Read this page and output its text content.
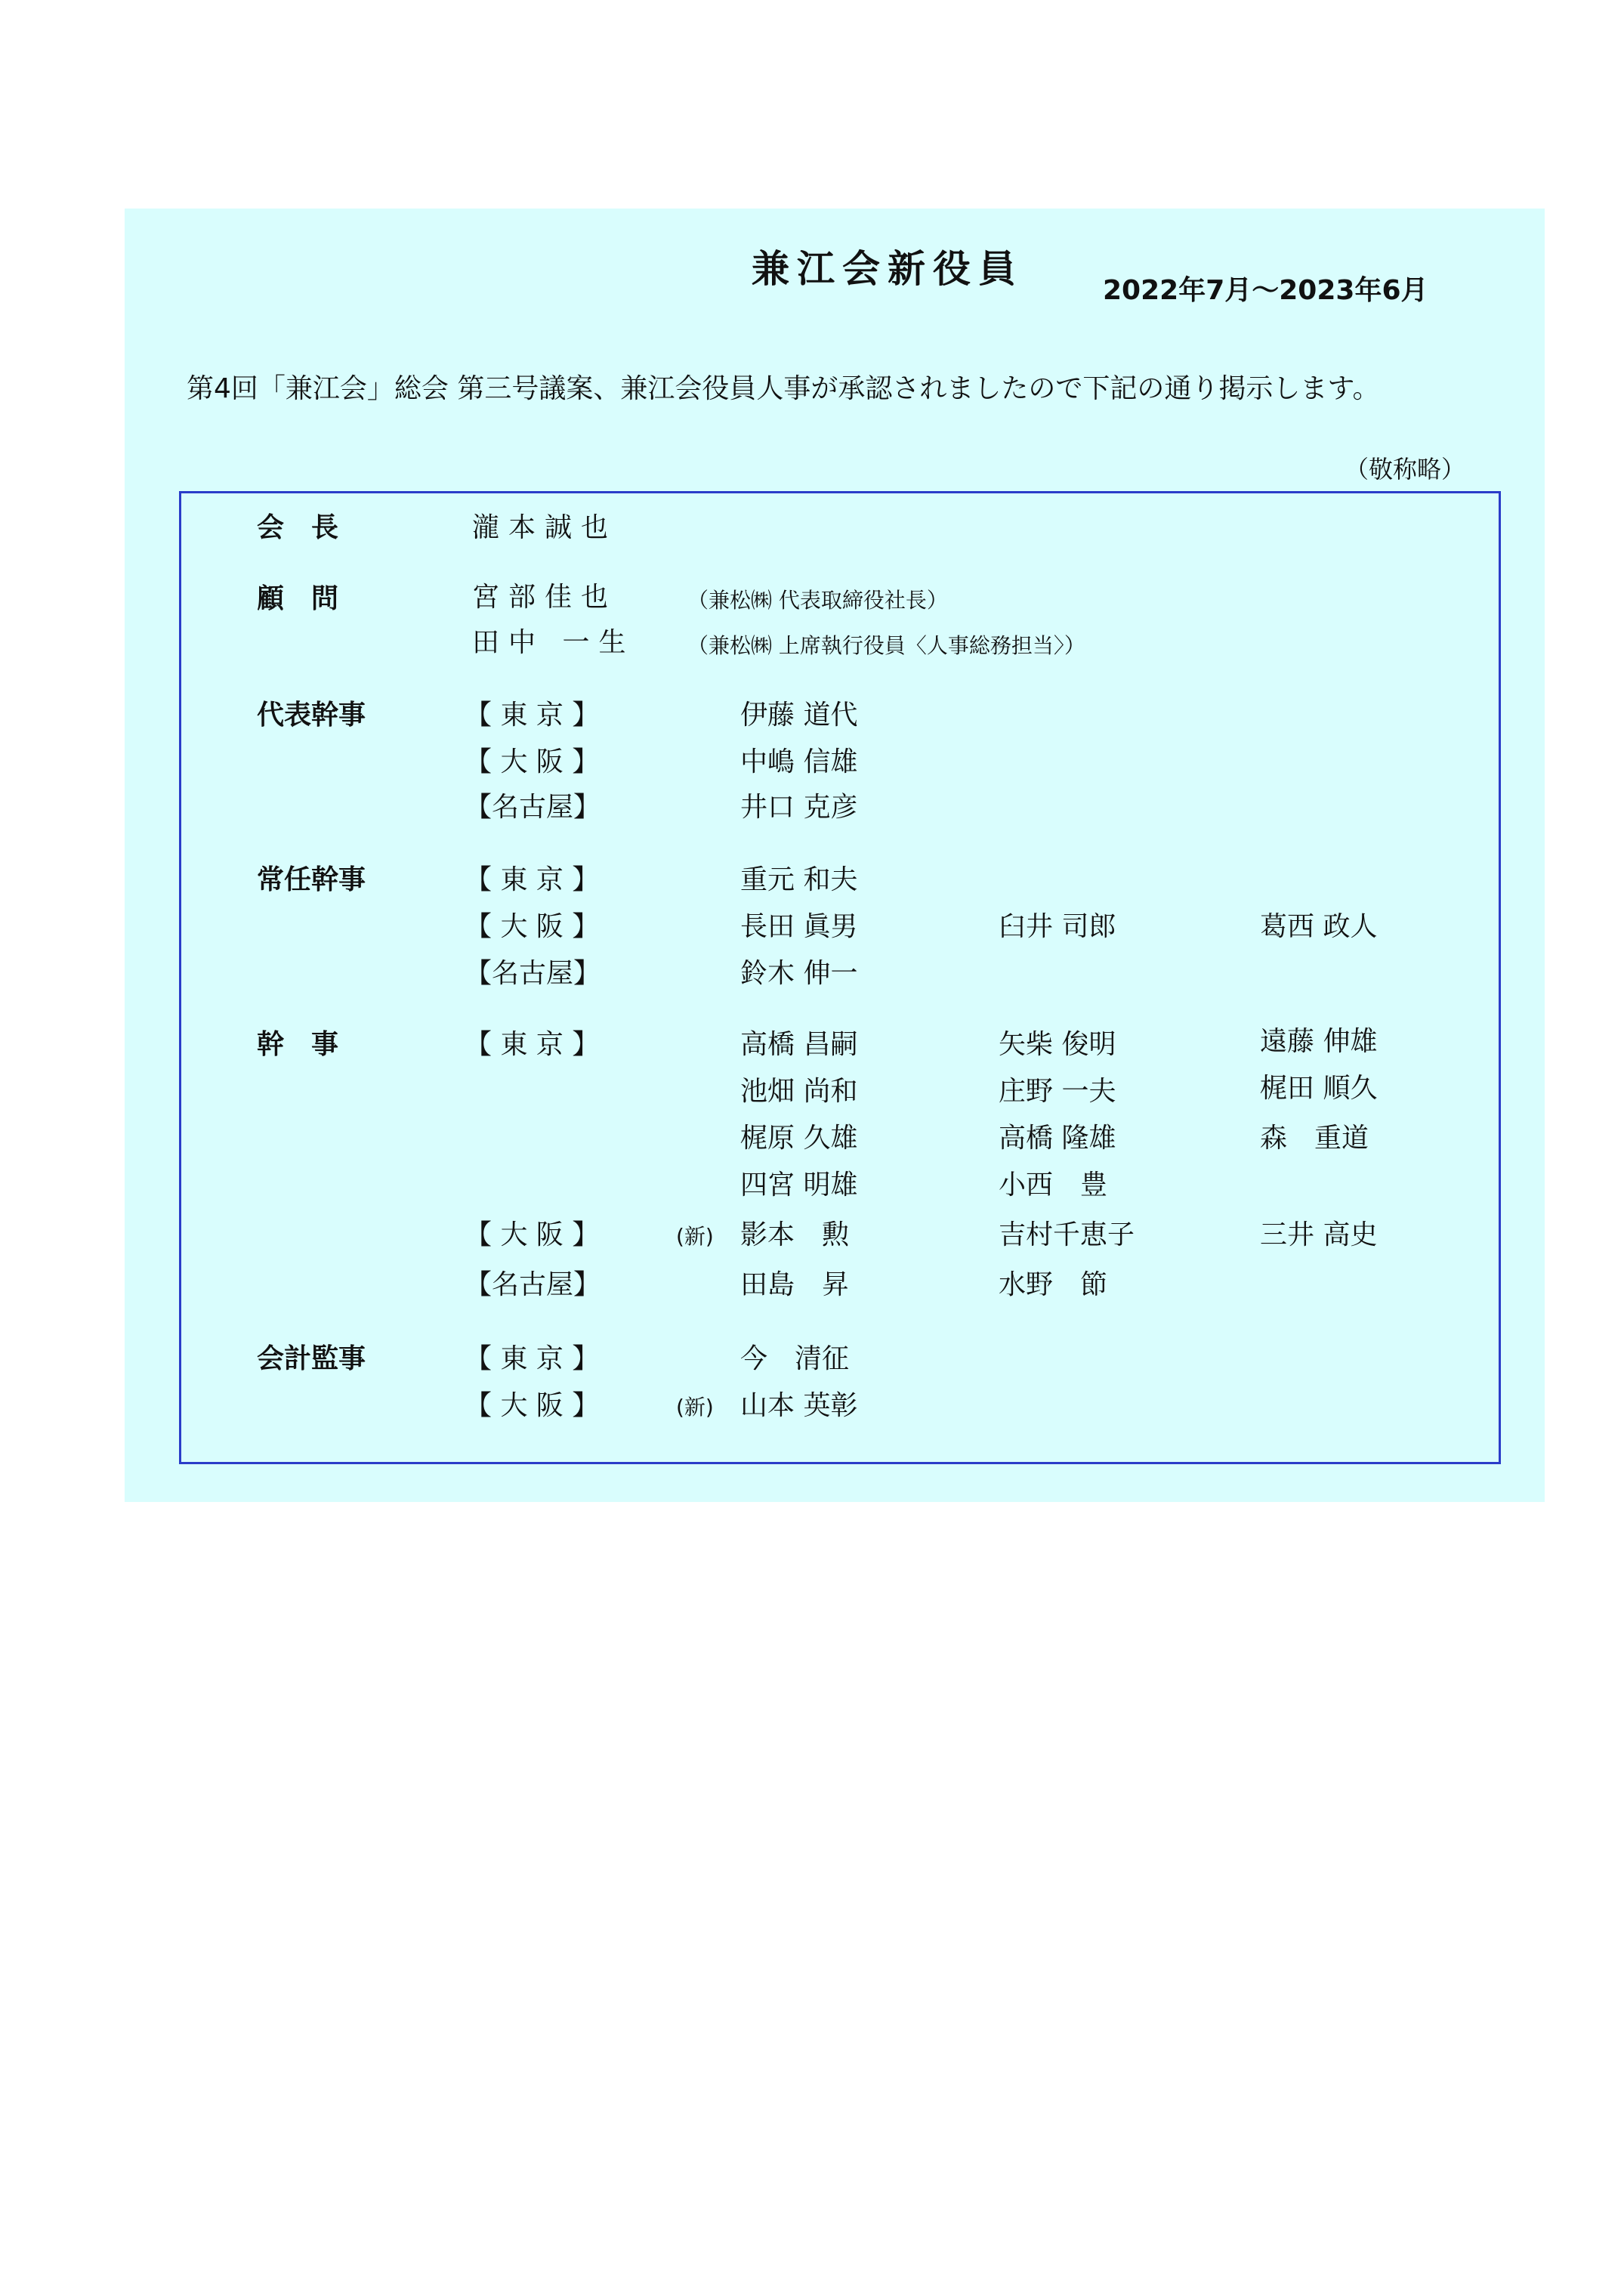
兼江会新役員	2022年7月～2023年6月
第4回「兼江会」総会 第三号議案、兼江会役員人事が承認されましたので下記の通り掲示します。
（敬称略）
会　長	瀧本誠也
顧　問	宮部佳也	（兼松㈱ 代表取締役社長）
田中 一生 （兼松㈱ 上席執行役員〈人事総務担当〉）
代表幹事	【 東 京 】	伊藤 道代
【 大 阪 】	中嶋 信雄
【名古屋】	井口 克彦
常任幹事	【 東 京 】	重元 和夫
【 大 阪 】	長田 眞男	臼井 司郎	葛西 政人
【名古屋】	鈴木 伸一
幹　事	【 東 京 】	高橋 昌嗣	矢柴 俊明	遠藤 伸雄
池畑 尚和	庄野 一夫	梶田 順久
梶原 久雄	高橋 隆雄	森　重道
四宮 明雄	小西　豊
【 大 阪 】	(新) 影本　勲	吉村千恵子	三井 高史
【名古屋】	田島　昇	水野　節
会計監事	【 東 京 】	今　清征
【 大 阪 】	(新) 山本 英彰
